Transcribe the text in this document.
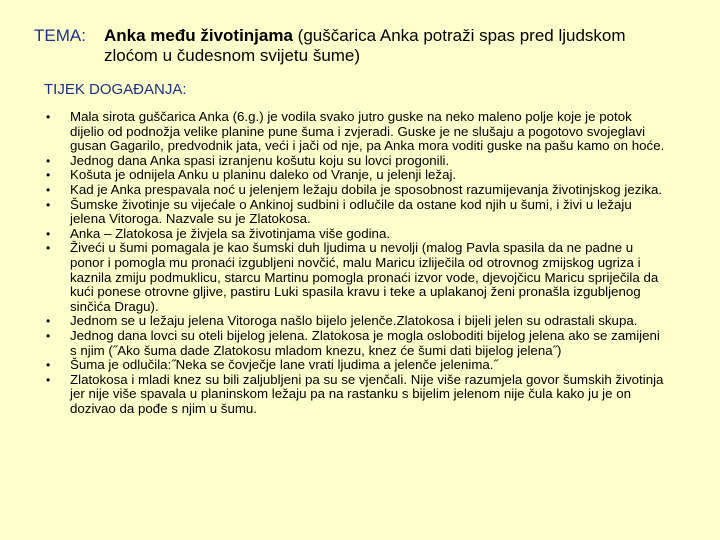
TEMA: Anka među životinjama (guščarica Anka potraži spas pred ljudskom
zloćom u čudesnom svijetu šume)
TIJEK DOGAĐANJA:
• Mala sirota guščarica Anka (6.g.) je vodila svako jutro guske na neko maleno polje koje je potok dijelio od podnožja velike planine pune šuma i zvjeradi. Guske je ne slušaju a pogotovo svojeglavi gusan Gagarilo, predvodnik jata, veći i jači od nje, pa Anka mora voditi guske na pašu kamo on hoće.
• Jednog dana Anka spasi izranjenu košutu koju su lovci progonili.
• Košuta je odnijela Anku u planinu daleko od Vranje, u jelenji ležaj.
• Kad je Anka prespavala noć u jelenjem ležaju dobila je sposobnost razumijevanja životinjskog jezika.
• Šumske životinje su vijećale o Ankinoj sudbini i odlučile da ostane kod njih u šumi, i živi u ležaju jelena Vitoroga. Nazvale su je Zlatokosa.
• Anka – Zlatokosa je živjela sa životinjama više godina.
• Živeći u šumi pomagala je kao šumski duh ljudima u nevolji (malog Pavla spasila da ne padne u ponor i pomogla mu pronaći izgubljeni novčić, malu Maricu izliječila od otrovnog zmijskog ugriza i kaznila zmiju podmuklicu, starcu Martinu pomogla pronaći izvor vode, djevojčicu Maricu spriječila da kući ponese otrovne gljive, pastiru Luki spasila kravu i teke a uplakanoj ženi pronašla izgubljenog sinčića Dragu).
• Jednom se u ležaju jelena Vitoroga našlo bijelo jelenče.Zlatokosa i bijeli jelen su odrastali skupa.
• Jednog dana lovci su oteli bijelog jelena. Zlatokosa je mogla osloboditi bijelog jelena ako se zamijeni s njim (˝Ako šuma dade Zlatokosu mladom knezu, knez će šumi dati bijelog jelena˝)
• Šuma je odlučila:˝Neka se čovječje lane vrati ljudima a jelenče jelenima.˝
• Zlatokosa i mladi knez su bili zaljubljeni pa su se vjenčali. Nije više razumjela govor šumskih životinja jer nije više spavala u planinskom ležaju pa na rastanku s bijelim jelenom nije čula kako ju je on dozivao da pođe s njim u šumu.
